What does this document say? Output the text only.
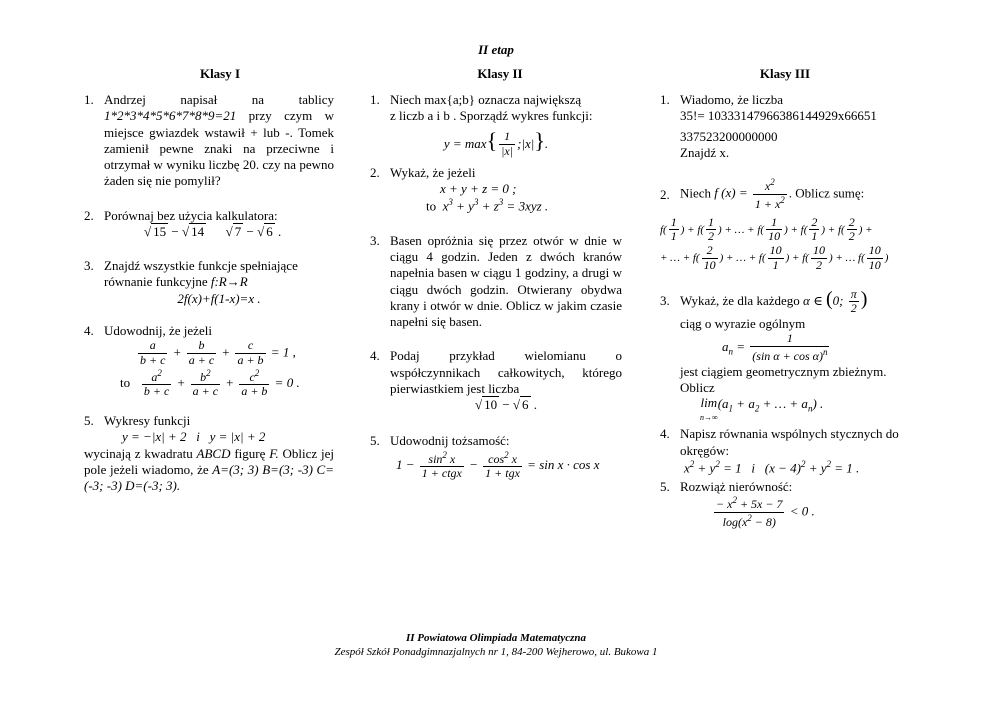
II etap
Klasy I	Klasy II	Klasy III
1. Andrzej napisał na tablicy 1*2*3*4*5*6*7*8*9=21 przy czym w miejsce gwiazdek wstawił + lub -. Tomek zamienił pewne znaki na przeciwne i otrzymał w wyniku liczbę 20. czy na pewno żaden się nie pomylił?
2. Porównaj bez użycia kalkulatora:
√ 15 − √ 14      √ 7 − √ 6 .
3. Znajdź wszystkie funkcje spełniające równanie funkcyjne f:R→R
2f(x)+f(1-x)=x .
4. Udowodnij, że jeżeli
$\frac{a}{b + c} + \frac{b}{a + c} + \frac{c}{a + b} = 1$ ,
to $\frac{a^2}{b + c} + \frac{b^2}{a + c} + \frac{c^2}{a + b} = 0$ .
5. Wykresy funkcji
y = −|x| + 2   i   y = |x| + 2
wycinają z kwadratu ABCD figurę F. Oblicz jej pole jeżeli wiadomo, że A=(3; 3) B=(3; -3) C=(-3; -3) D=(-3; 3).
1. Niech max{a;b} oznacza największą
z liczb a i b . Sporządź wykres funkcji:
$y = \max\{ \frac{1}{|x|}$ ;|x|}.
2. Wykaż, że jeżeli
x + y + z = 0 ;
to  $x^3 + y^3 + z^3 = 3xyz$ .
3. Basen opróżnia się przez otwór w dnie w ciągu 4 godzin. Jeden z dwóch kranów napełnia basen w ciągu 1 godziny, a drugi w ciągu dwóch godzin. Otwierany obydwa krany i otwór w dnie. Oblicz w jakim czasie napełni się basen.
4. Podaj przykład wielomianu o współczynnikach całkowitych, którego pierwiastkiem jest liczba
√ 10 − √ 6 .
5. Udowodnij tożsamość:
$1 - \frac{\sin^2 x}{\text{1 + ctgx}} - \frac{\cos^2 x}{\text{1 + tgx}} = \sin x \cdot \cos x$
1. Wiadomo, że liczba
35!= 10333147966386144929x66651
337523200000000
Znajdź x.
2. Niech f $(x) = \frac{x^2}{1 + x^2}$ . Oblicz sumę:
$f( \frac{1}{1}$ ) + $f( \frac{1}{2}$ ) + … + $f( \frac{1}{10}$ ) + $f( \frac{2}{1}$ ) + $f( \frac{2}{2}$ ) +
+ … + $f( \frac{2}{10}$ ) + … + $f( \frac{10}{1}$ ) + $f( \frac{10}{2}$ ) + … $f( \frac{10}{10}$ )
3. Wykaż, że dla każdego α ∈ (0; $\frac{\pi}{2}$ )
ciąg o wyrazie ogólnym
$a_n = \frac{1}{(\sin \alpha + \cos \alpha)^n}$
jest ciągiem geometrycznym zbieżnym. Oblicz
lim
$n\to\infty(a_1 + a_2$ + … + $a_n$) .
4. Napisz równania wspólnych stycznych do okręgów:
$x^2 + y^2 = 1$   i   $(x - 4)^2 + y^2 = 1$ .
5. Rozwiąż nierówność:
$\frac{- x^2 + 5x - 7}{\log(x^2 - 8)} < 0$ .
II Powiatowa Olimpiada Matematyczna
Zespół Szkół Ponadgimnazjalnych nr 1, 84-200 Wejherowo, ul. Bukowa 1
